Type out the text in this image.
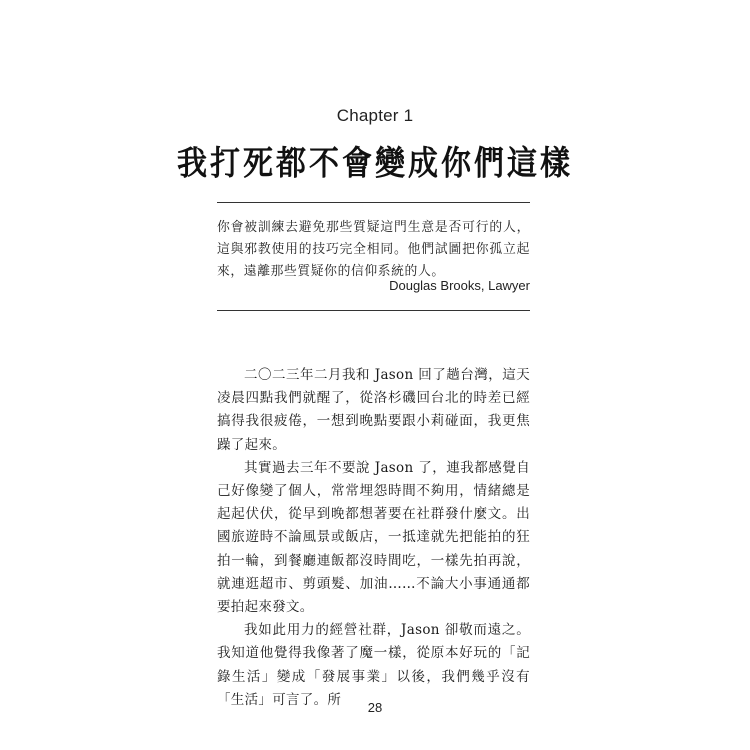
Chapter 1
我打死都不會變成你們這樣
你會被訓練去避免那些質疑這門生意是否可行的人，這與邪教使用的技巧完全相同。他們試圖把你孤立起來，遠離那些質疑你的信仰系統的人。
Douglas Brooks, Lawyer

二〇二三年二月我和 Jason 回了趟台灣，這天凌晨四點我們就醒了，從洛杉磯回台北的時差已經搞得我很疲倦，一想到晚點要跟小莉碰面，我更焦躁了起來。

其實過去三年不要說 Jason 了，連我都感覺自己好像變了個人，常常埋怨時間不夠用，情緒總是起起伏伏，從早到晚都想著要在社群發什麼文。出國旅遊時不論風景或飯店，一抵達就先把能拍的狂拍一輪，到餐廳連飯都沒時間吃，一樣先拍再說，就連逛超市、剪頭髮、加油……不論大小事通通都要拍起來發文。

我如此用力的經營社群，Jason 卻敬而遠之。我知道他覺得我像著了魔一樣，從原本好玩的「記錄生活」變成「發展事業」以後，我們幾乎沒有「生活」可言了。所	28
